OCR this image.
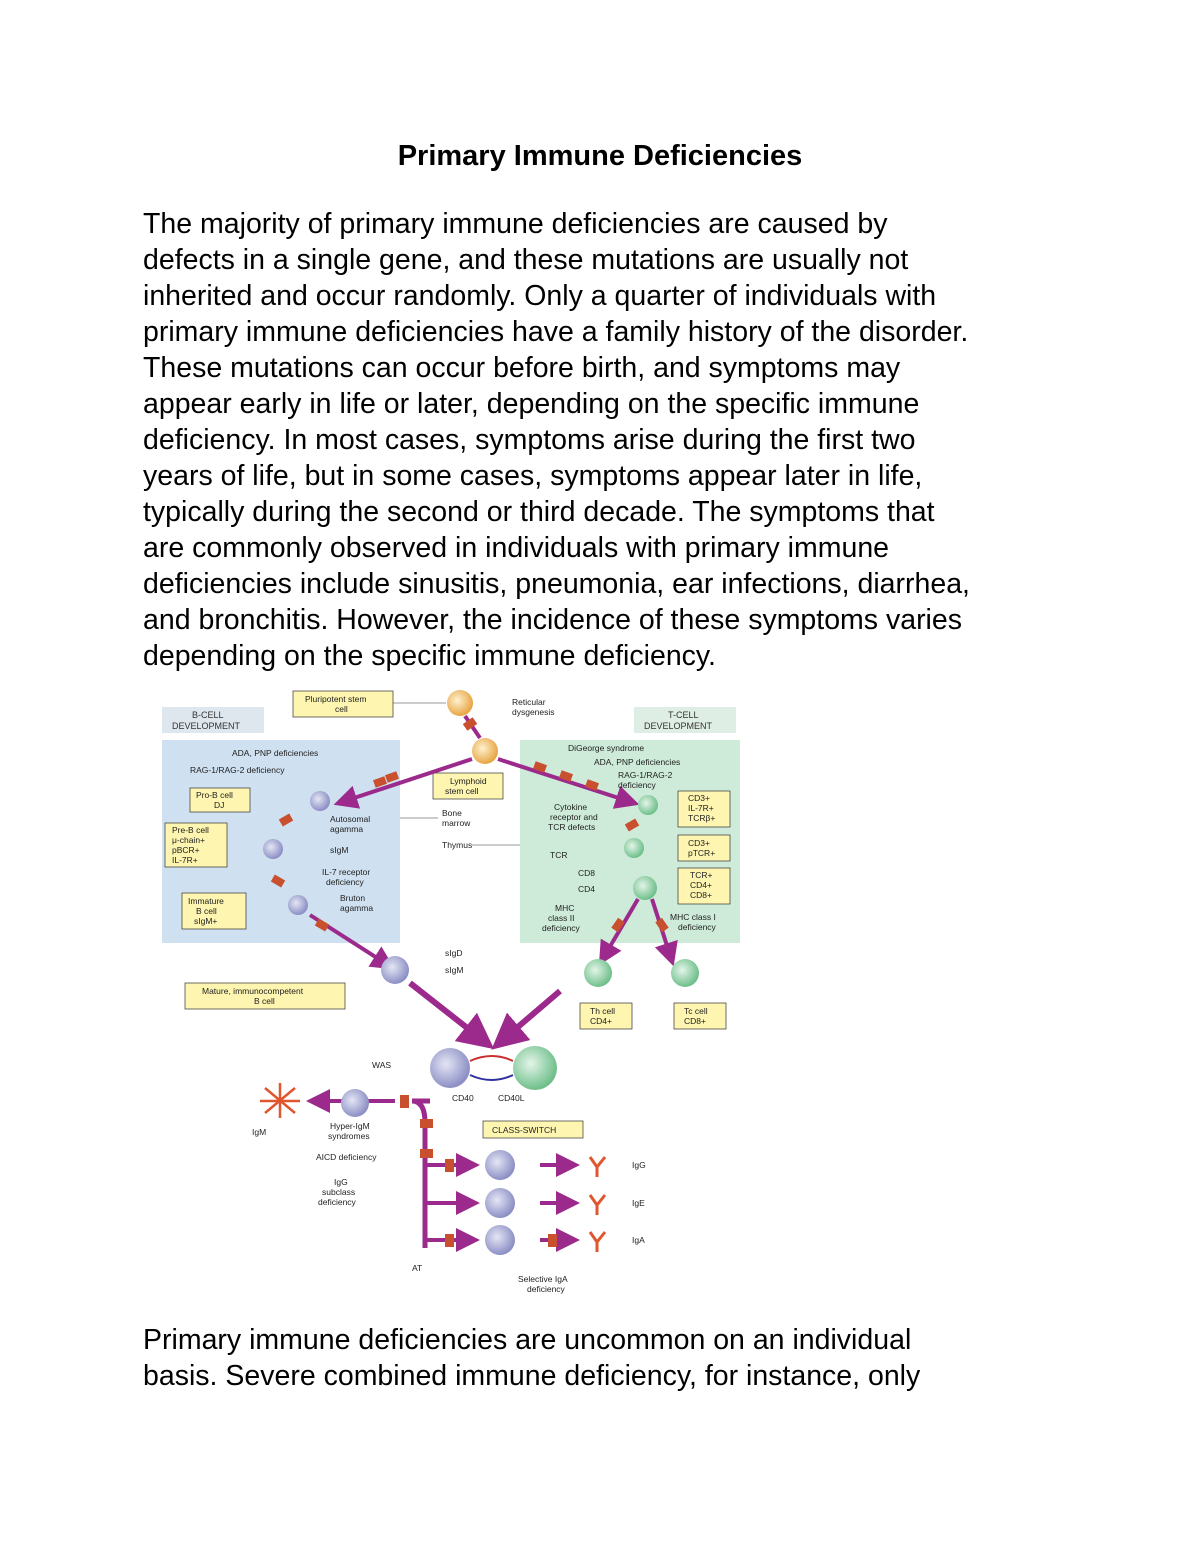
Primary Immune Deficiencies

The majority of primary immune deficiencies are caused by
defects in a single gene, and these mutations are usually not
inherited and occur randomly. Only a quarter of individuals with
primary immune deficiencies have a family history of the disorder.
These mutations can occur before birth, and symptoms may
appear early in life or later, depending on the specific immune
deficiency. In most cases, symptoms arise during the first two
years of life, but in some cases, symptoms appear later in life,
typically during the second or third decade. The symptoms that
are commonly observed in individuals with primary immune
deficiencies include sinusitis, pneumonia, ear infections, diarrhea,
and bronchitis. However, the incidence of these symptoms varies
depending on the specific immune deficiency.

B-CELL
DEVELOPMENT
T-CELL
DEVELOPMENT
Pluripotent stem
cell
Reticular
dysgenesis
Lymphoid
stem cell
Bone
marrow
Thymus
ADA, PNP deficiencies
RAG-1/RAG-2 deficiency
Pro-B cell
DJ
Autosomal
agamma
Pre-B cell
μ-chain+
pBCR+
IL-7R+
sIgM
IL-7 receptor
deficiency
Bruton
agamma
Immature
B cell
sIgM+
sIgD
sIgM
Mature, immunocompetent
B cell
DiGeorge syndrome
ADA, PNP deficiencies
RAG-1/RAG-2
deficiency
CD3+
IL-7R+
TCRβ+
Cytokine
receptor and
TCR defects
TCR
CD3+
pTCR+
CD8
CD4
TCR+
CD4+
CD8+
MHC
class II
deficiency
MHC class I
deficiency
Th cell
CD4+
Tc cell
CD8+
CD40	CD40L
WAS
IgM
Hyper-IgM
syndromes
CLASS-SWITCH
AICD deficiency
IgG
subclass
deficiency
AT
IgG
IgE
IgA
Selective IgA
deficiency

Primary immune deficiencies are uncommon on an individual
basis. Severe combined immune deficiency, for instance, only
